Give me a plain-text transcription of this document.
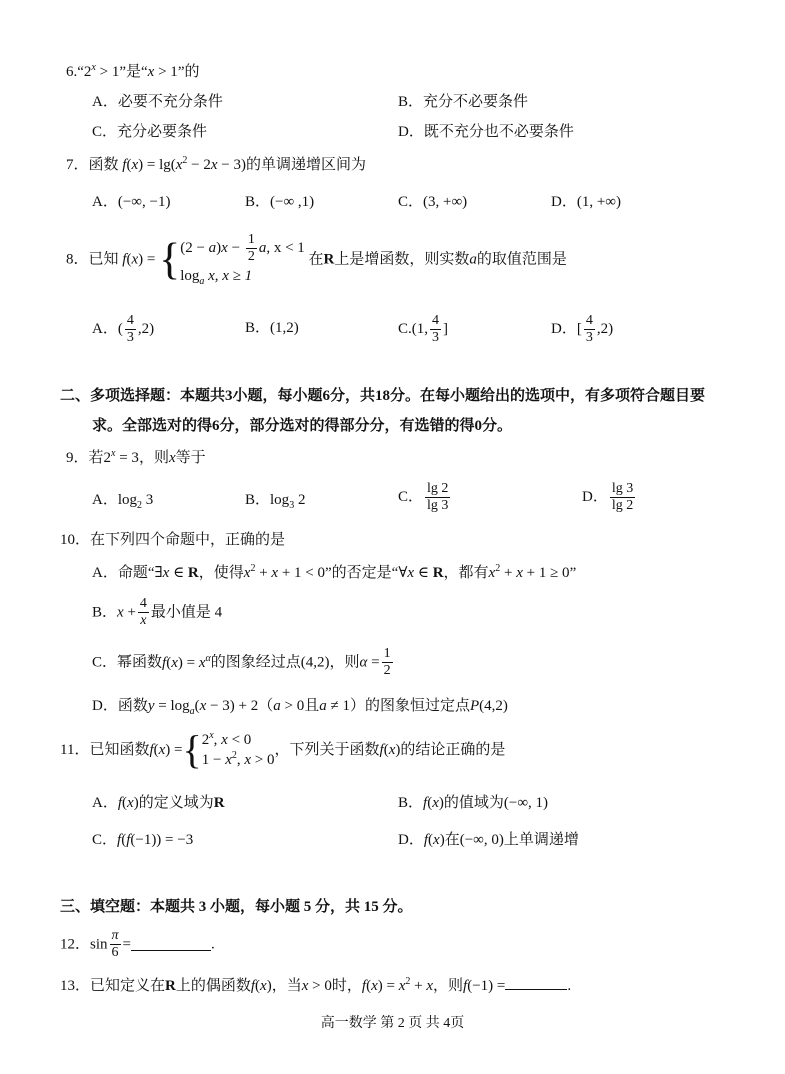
$6.“2^x > 1$”是“x > 1”的
A．必要不充分条件	B．充分不必要条件
C．充分必要条件	D．既不充分也不必要条件
7．函数 $f(x) = \lg(x^2 - 2x - 3)$的单调递增区间为
A．(−∞, −1)	B．(−∞ ,1)	C．(3, +∞)	D．(1, +∞)
8．已知 f(x) = { $(2 - a)x - \frac{1}{2} a$, x < 1
$\log_a x$, x ≥ 1
在R上是增函数，则实数a的取值范围是
A．( $\frac{4}{3} ,2$)	B．(1,2)	C.(1, $\frac{4}{3}$ ]	D．[ $\frac{4}{3} ,2$)
二、多项选择题：本题共3小题，每小题6分，共18分。在每小题给出的选项中，有多项符合题目要
求。全部选对的得6分，部分选对的得部分分，有选错的得0分。
9．若$2^x = 3$，则x等于
A．$\log_2 3$	B．$\log_3 2$	C． $\frac{\lg 2}{\lg 3}$	D． $\frac{\lg 3}{\lg 2}$
10．在下列四个命题中，正确的是
A．命题“∃x ∈ R，使得$x^2 + x + 1 < 0$”的否定是“∀x ∈ R，都有$x^2 + x + 1 \ge 0$”
B．$x + \frac{4}{x}$ 最小值是 4
C．幂函数$f(x) = x^\alpha$的图象经过点(4,2)，则$\alpha = \frac{1}{2}$
D．函数$y = \log_a(x - 3) + 2(a > 0$且a ≠ 1）的图象恒过定点P(4,2)
11．已知函数f(x) ={ 2$^x$, x < 0
$1 - x^2$, x > 0
，下列关于函数f(x)的结论正确的是
A．f(x)的定义域为R	B．f(x)的值域为(−∞, 1)
C．f(f(−1)) = −3	D．f(x)在(−∞, 0)上单调递增
三、填空题：本题共 3 小题，每小题 5 分，共 15 分。
12．$\sin \frac{\pi}{6}$ =	.
13．已知定义在R上的偶函数f(x)，当x > 0时，$f(x) = x^2 + x$，则f(−1) =	.
高一数学 第 2 页 共 4页
